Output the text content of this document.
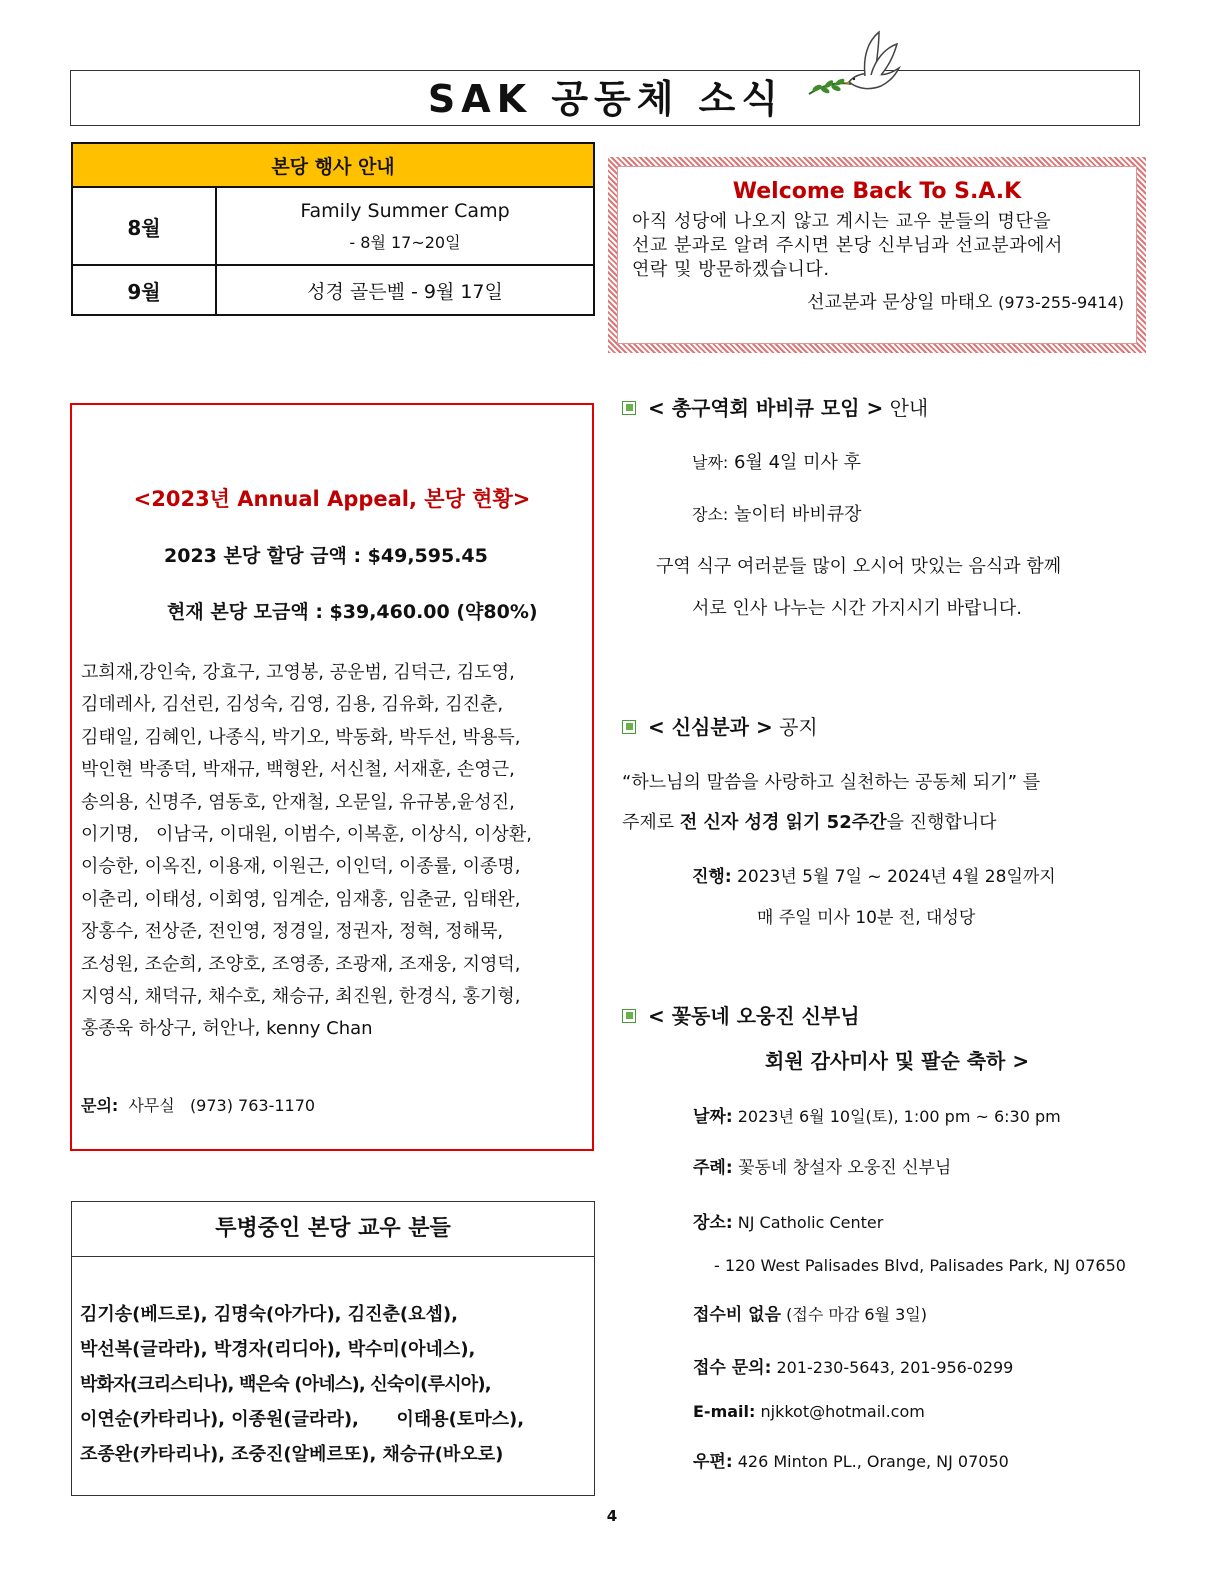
SAK 공동체 소식
본당 행사 안내	
8월	Family Summer Camp
- 8월 17~20일

9월	성경 골든벨 - 9월 17일
Welcome Back To S.A.K
아직 성당에 나오지 않고 계시는 교우 분들의 명단을
선교 분과로 알려 주시면 본당 신부님과 선교분과에서
연락 및 방문하겠습니다.
선교분과 문상일 마태오 (973-255-9414)
<2023년 Annual Appeal, 본당 현황>
2023 본당 할당 금액 : $49,595.45
현재 본당 모금액 : $39,460.00 (약80%)
고희재,강인숙, 강효구, 고영봉, 공운범, 김덕근, 김도영,
김데레사, 김선린, 김성숙, 김영, 김용, 김유화, 김진춘,
김태일, 김혜인, 나종식, 박기오, 박동화, 박두선, 박용득,
박인현 박종덕, 박재규, 백형완, 서신철, 서재훈, 손영근,
송의용, 신명주, 염동호, 안재철, 오문일, 유규봉,윤성진,
이기명,   이남국, 이대원, 이범수, 이복훈, 이상식, 이상환,
이승한, 이옥진, 이용재, 이원근, 이인덕, 이종률, 이종명,
이춘리, 이태성, 이회영, 임계순, 임재홍, 임춘균, 임태완,
장홍수, 전상준, 전인영, 정경일, 정권자, 정혁, 정해묵,
조성원, 조순희, 조양호, 조영종, 조광재, 조재웅, 지영덕,
지영식, 채덕규, 채수호, 채승규, 최진원, 한경식, 홍기형,
홍종욱 하상구, 허안나, kenny Chan
문의: 사무실   (973) 763-1170
투병중인 본당 교우 분들
김기송(베드로), 김명숙(아가다), 김진춘(요셉),
박선복(글라라), 박경자(리디아), 박수미(아네스),
박화자(크리스티나), 백은숙 (아네스), 신숙이(루시아),
이연순(카타리나), 이종원(글라라),      이태용(토마스),
조종완(카타리나), 조중진(알베르또), 채승규(바오로)
< 총구역회 바비큐 모임 > 안내
날짜: 6월 4일 미사 후
장소: 놀이터 바비큐장
구역 식구 여러분들 많이 오시어 맛있는 음식과 함께
서로 인사 나누는 시간 가지시기 바랍니다.
< 신심분과 > 공지
“하느님의 말씀을 사랑하고 실천하는 공동체 되기” 를
주제로 전 신자 성경 읽기 52주간을 진행합니다
진행: 2023년 5월 7일 ~ 2024년 4월 28일까지
매 주일 미사 10분 전, 대성당
< 꽃동네 오웅진 신부님
회원 감사미사 및 팔순 축하 >
날짜: 2023년 6월 10일(토), 1:00 pm ~ 6:30 pm
주례: 꽃동네 창설자 오웅진 신부님
장소: NJ Catholic Center
- 120 West Palisades Blvd, Palisades Park, NJ 07650
접수비 없음 (접수 마감 6월 3일)
접수 문의: 201-230-5643, 201-956-0299
E-mail: njkkot@hotmail.com
우편: 426 Minton PL., Orange, NJ 07050
4
